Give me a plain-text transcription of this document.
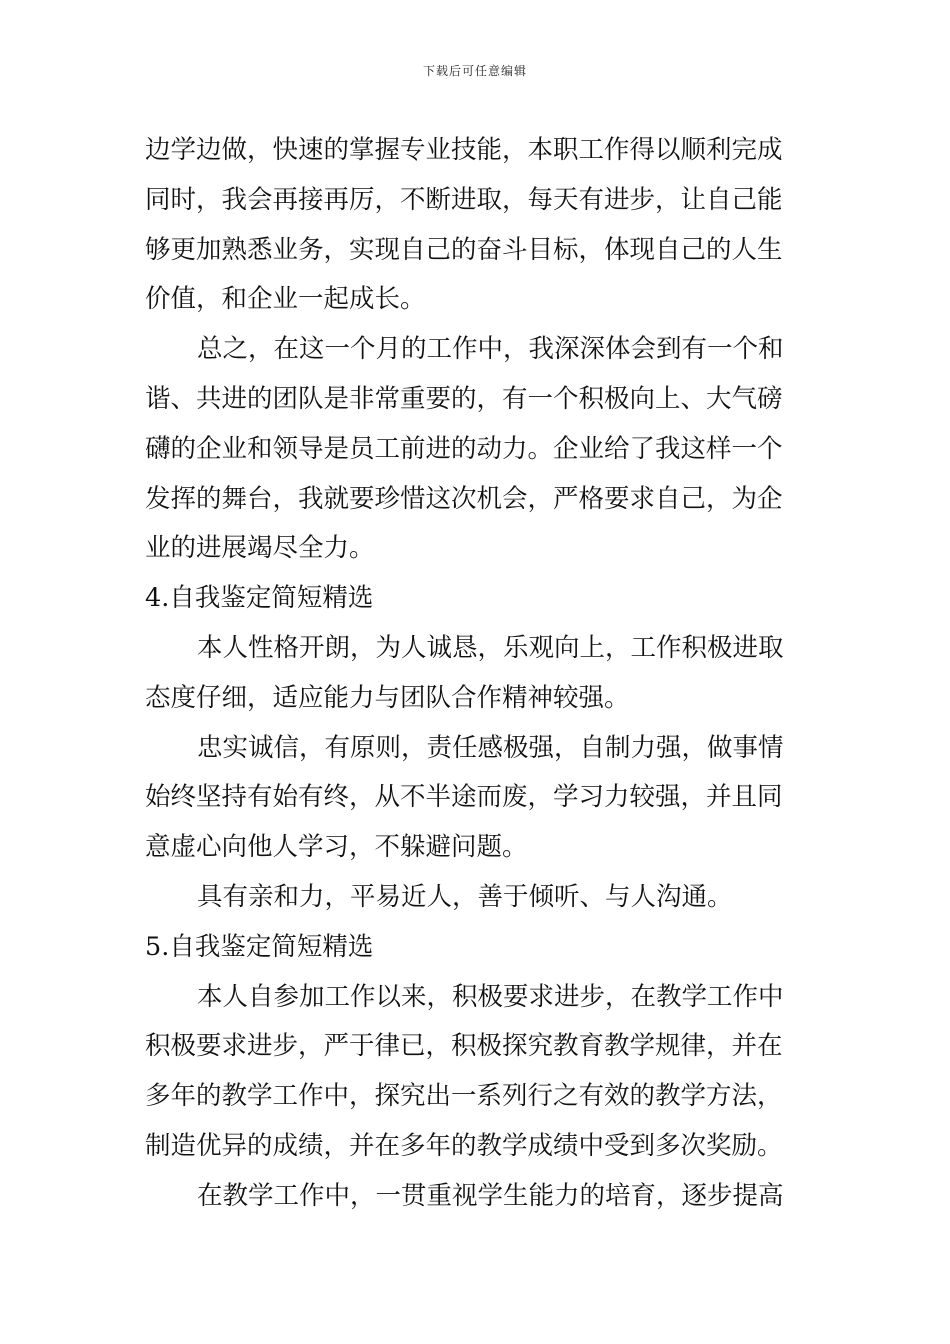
下载后可任意编辑
边学边做，快速的掌握专业技能，本职工作得以顺利完成
同时，我会再接再厉，不断进取，每天有进步，让自己能
够更加熟悉业务，实现自己的奋斗目标，体现自己的人生
价值，和企业一起成长。
总之，在这一个月的工作中，我深深体会到有一个和
谐、共进的团队是非常重要的，有一个积极向上、大气磅
礴的企业和领导是员工前进的动力。企业给了我这样一个
发挥的舞台，我就要珍惜这次机会，严格要求自己，为企
业的进展竭尽全力。
4.自我鉴定简短精选
本人性格开朗，为人诚恳，乐观向上，工作积极进取
态度仔细，适应能力与团队合作精神较强。
忠实诚信，有原则，责任感极强，自制力强，做事情
始终坚持有始有终，从不半途而废，学习力较强，并且同
意虚心向他人学习，不躲避问题。
具有亲和力，平易近人，善于倾听、与人沟通。
5.自我鉴定简短精选
本人自参加工作以来，积极要求进步，在教学工作中
积极要求进步，严于律已，积极探究教育教学规律，并在
多年的教学工作中，探究出一系列行之有效的教学方法，
制造优异的成绩，并在多年的教学成绩中受到多次奖励。
在教学工作中，一贯重视学生能力的培育，逐步提高
